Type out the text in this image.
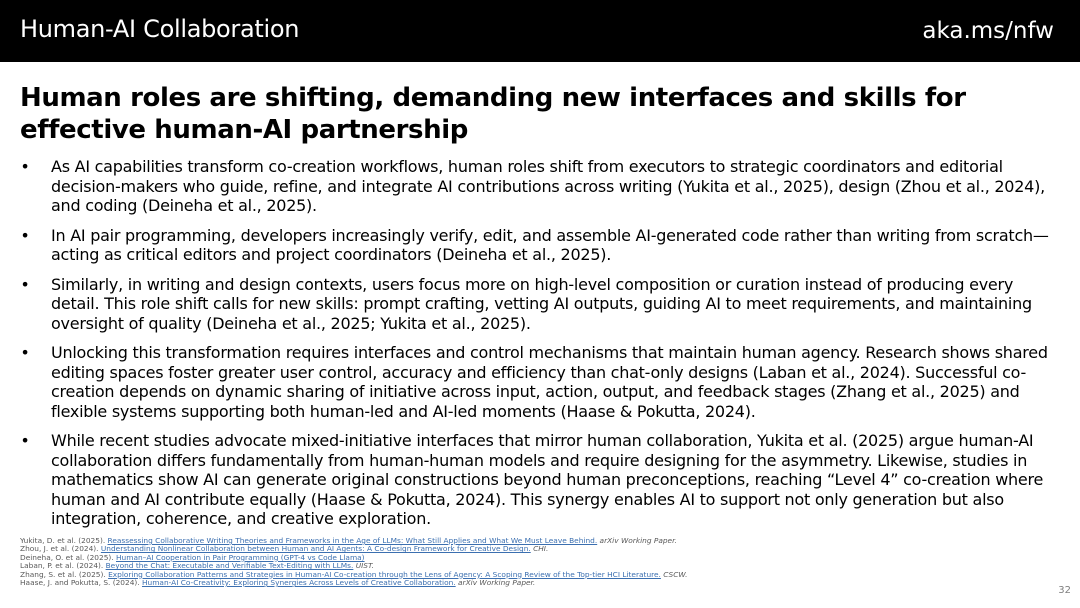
Human-AI Collaboration	aka.ms/nfw
Human roles are shifting, demanding new interfaces and skills for effective human-AI partnership
• As AI capabilities transform co-creation workflows, human roles shift from executors to strategic coordinators and editorial decision-makers who guide, refine, and integrate AI contributions across writing (Yukita et al., 2025), design (Zhou et al., 2024), and coding (Deineha et al., 2025).
• In AI pair programming, developers increasingly verify, edit, and assemble AI-generated code rather than writing from scratch—acting as critical editors and project coordinators (Deineha et al., 2025).
• Similarly, in writing and design contexts, users focus more on high-level composition or curation instead of producing every detail. This role shift calls for new skills: prompt crafting, vetting AI outputs, guiding AI to meet requirements, and maintaining oversight of quality (Deineha et al., 2025; Yukita et al., 2025).
• Unlocking this transformation requires interfaces and control mechanisms that maintain human agency. Research shows shared editing spaces foster greater user control, accuracy and efficiency than chat-only designs (Laban et al., 2024). Successful co-creation depends on dynamic sharing of initiative across input, action, output, and feedback stages (Zhang et al., 2025) and flexible systems supporting both human-led and AI-led moments (Haase & Pokutta, 2024).
• While recent studies advocate mixed-initiative interfaces that mirror human collaboration, Yukita et al. (2025) argue human-AI collaboration differs fundamentally from human-human models and require designing for the asymmetry. Likewise, studies in mathematics show AI can generate original constructions beyond human preconceptions, reaching “Level 4” co-creation where human and AI contribute equally (Haase & Pokutta, 2024). This synergy enables AI to support not only generation but also integration, coherence, and creative exploration.
Yukita, D. et al. (2025). Reassessing Collaborative Writing Theories and Frameworks in the Age of LLMs: What Still Applies and What We Must Leave Behind. arXiv Working Paper.
Zhou, J. et al. (2024). Understanding Nonlinear Collaboration between Human and AI Agents: A Co-design Framework for Creative Design. CHI.
Deineha, O. et al. (2025). Human–AI Cooperation in Pair Programming (GPT-4 vs Code Llama)
Laban, P. et al. (2024). Beyond the Chat: Executable and Verifiable Text-Editing with LLMs. UIST.
Zhang, S. et al. (2025). Exploring Collaboration Patterns and Strategies in Human-AI Co-creation through the Lens of Agency: A Scoping Review of the Top-tier HCI Literature. CSCW.
Haase, J. and Pokutta, S. (2024). Human-AI Co-Creativity: Exploring Synergies Across Levels of Creative Collaboration. arXiv Working Paper.
32
